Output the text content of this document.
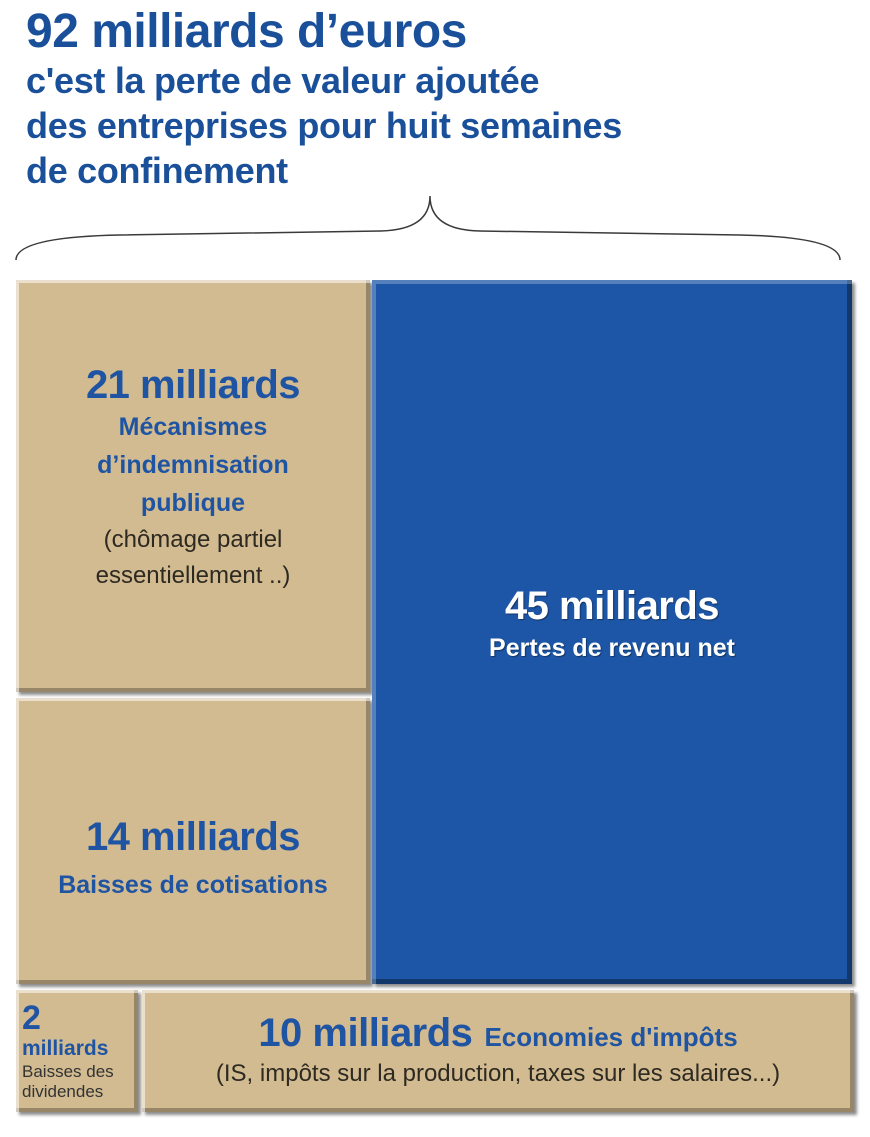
92 milliards d’euros
c'est la perte de valeur ajoutée
des entreprises pour huit semaines
de confinement
21 milliards
Mécanismes
d’indemnisation
publique
(chômage partiel
essentiellement ..)
14 milliards
Baisses de cotisations
45 milliards
Pertes de revenu net
2
milliards
Baisses des
dividendes
10 milliards Economies d'impôts
(IS, impôts sur la production, taxes sur les salaires...)
